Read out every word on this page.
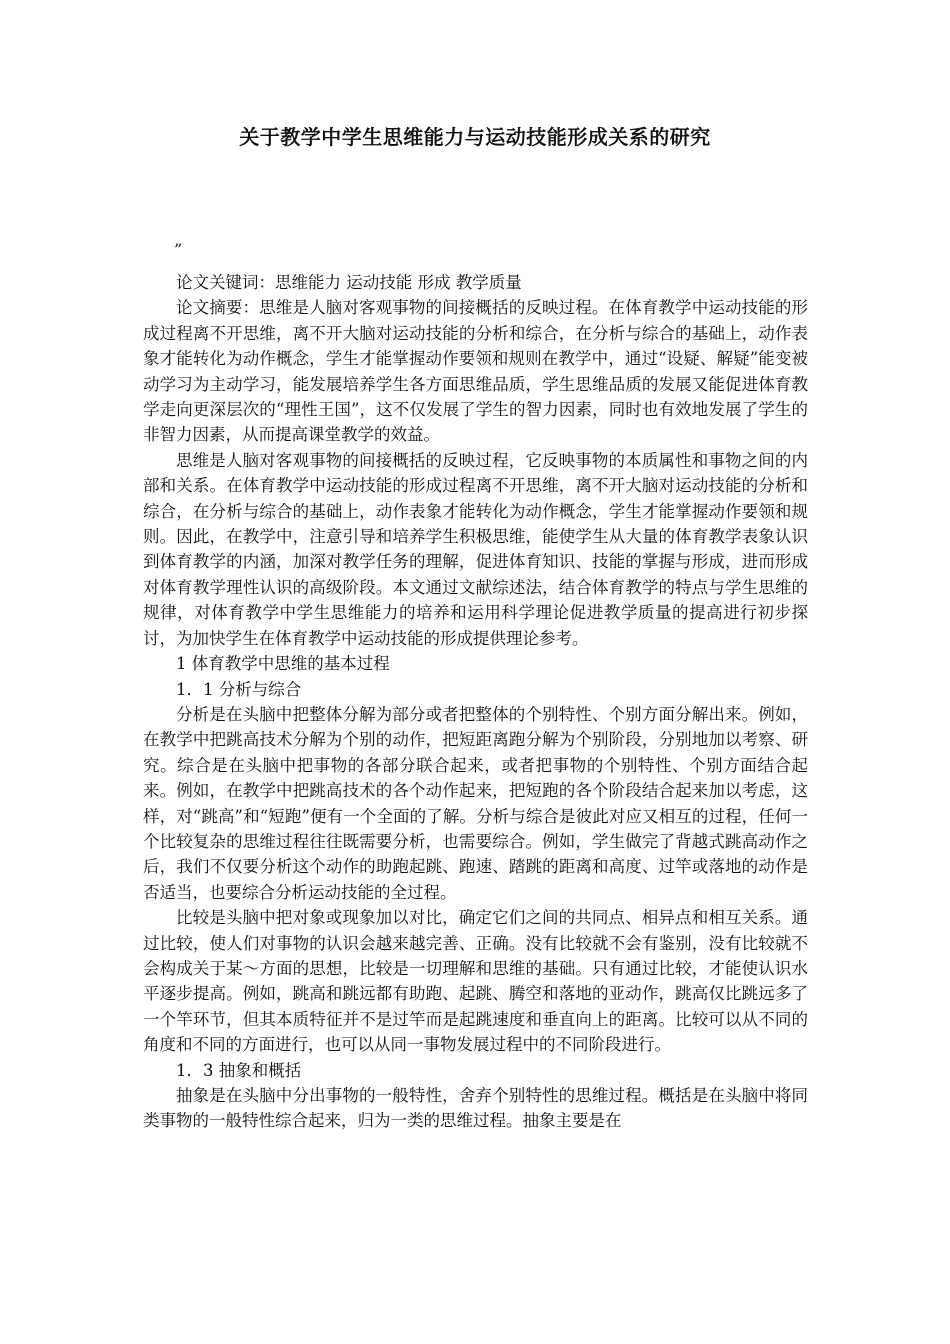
关于教学中学生思维能力与运动技能形成关系的研究
”

论文关键词：思维能力 运动技能 形成 教学质量

论文摘要：思维是人脑对客观事物的间接概括的反映过程。在体育教学中运动技能的形成过程离不开思维，离不开大脑对运动技能的分析和综合，在分析与综合的基础上，动作表象才能转化为动作概念，学生才能掌握动作要领和规则在教学中，通过“设疑、解疑”能变被动学习为主动学习，能发展培养学生各方面思维品质，学生思维品质的发展又能促进体育教学走向更深层次的“理性王国”，这不仅发展了学生的智力因素，同时也有效地发展了学生的非智力因素，从而提高课堂教学的效益。

思维是人脑对客观事物的间接概括的反映过程，它反映事物的本质属性和事物之间的内部和关系。在体育教学中运动技能的形成过程离不开思维，离不开大脑对运动技能的分析和综合，在分析与综合的基础上，动作表象才能转化为动作概念，学生才能掌握动作要领和规则。因此，在教学中，注意引导和培养学生积极思维，能使学生从大量的体育教学表象认识到体育教学的内涵，加深对教学任务的理解，促进体育知识、技能的掌握与形成，进而形成对体育教学理性认识的高级阶段。本文通过文献综述法，结合体育教学的特点与学生思维的规律，对体育教学中学生思维能力的培养和运用科学理论促进教学质量的提高进行初步探讨，为加快学生在体育教学中运动技能的形成提供理论参考。

1 体育教学中思维的基本过程

1．1 分析与综合

分析是在头脑中把整体分解为部分或者把整体的个别特性、个别方面分解出来。例如，在教学中把跳高技术分解为个别的动作，把短距离跑分解为个别阶段，分别地加以考察、研究。综合是在头脑中把事物的各部分联合起来，或者把事物的个别特性、个别方面结合起来。例如，在教学中把跳高技术的各个动作起来，把短跑的各个阶段结合起来加以考虑，这样，对“跳高”和“短跑”便有一个全面的了解。分析与综合是彼此对应又相互的过程，任何一个比较复杂的思维过程往往既需要分析，也需要综合。例如，学生做完了背越式跳高动作之后，我们不仅要分析这个动作的助跑起跳、跑速、踏跳的距离和高度、过竿或落地的动作是否适当，也要综合分析运动技能的全过程。

比较是头脑中把对象或现象加以对比，确定它们之间的共同点、相异点和相互关系。通过比较，使人们对事物的认识会越来越完善、正确。没有比较就不会有鉴别，没有比较就不会构成关于某～方面的思想，比较是一切理解和思维的基础。只有通过比较，才能使认识水平逐步提高。例如，跳高和跳远都有助跑、起跳、腾空和落地的亚动作，跳高仅比跳远多了一个竿环节，但其本质特征并不是过竿而是起跳速度和垂直向上的距离。比较可以从不同的角度和不同的方面进行，也可以从同一事物发展过程中的不同阶段进行。

1．3 抽象和概括

抽象是在头脑中分出事物的一般特性，舍弃个别特性的思维过程。概括是在头脑中将同类事物的一般特性综合起来，归为一类的思维过程。抽象主要是在
